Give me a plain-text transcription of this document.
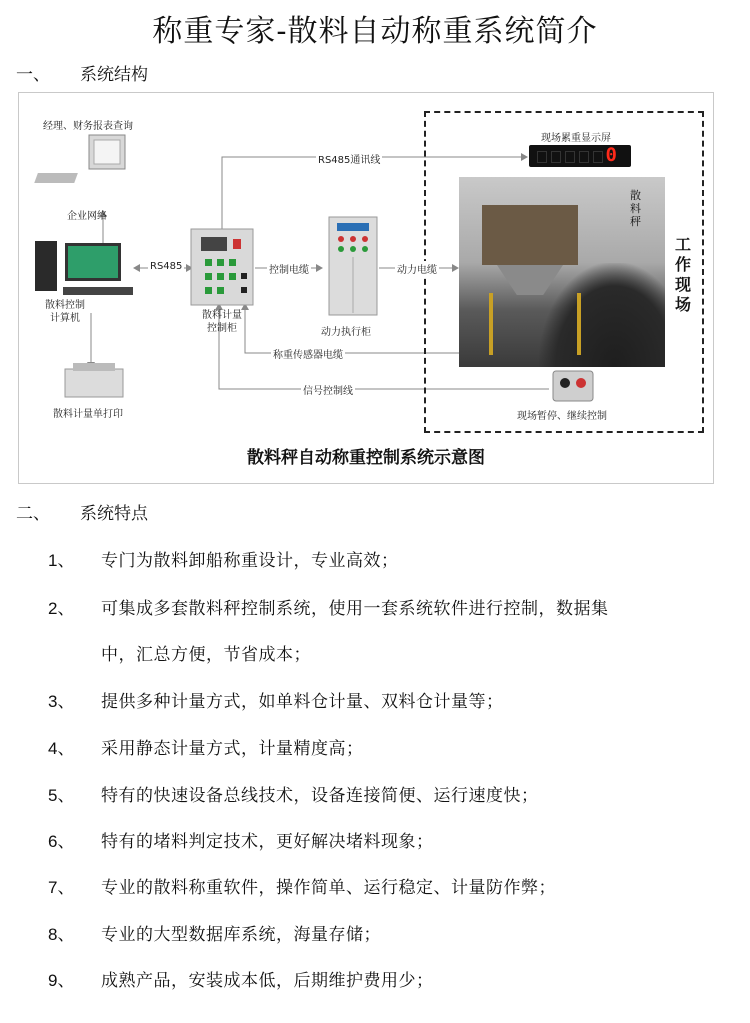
称重专家-散料自动称重系统简介
一、 系统结构
工作现场
散料秤
0
经理、财务报表查询
企业网络
RS485通讯线
RS485
散料控制
计算机	散料计量
控制柜
控制电缆
动力执行柜
动力电缆
称重传感器电缆
信号控制线
散料计量单打印
现场累重显示屏
现场暂停、继续控制
散料秤自动称重控制系统示意图
二、 系统特点
1、 专门为散料卸船称重设计，专业高效；
2、 可集成多套散料秤控制系统，使用一套系统软件进行控制，数据集
中，汇总方便，节省成本；
3、 提供多种计量方式，如单料仓计量、双料仓计量等；
4、 采用静态计量方式，计量精度高；
5、 特有的快速设备总线技术，设备连接简便、运行速度快；
6、 特有的堵料判定技术，更好解决堵料现象；
7、 专业的散料称重软件，操作简单、运行稳定、计量防作弊；
8、 专业的大型数据库系统，海量存储；
9、 成熟产品，安装成本低，后期维护费用少；
